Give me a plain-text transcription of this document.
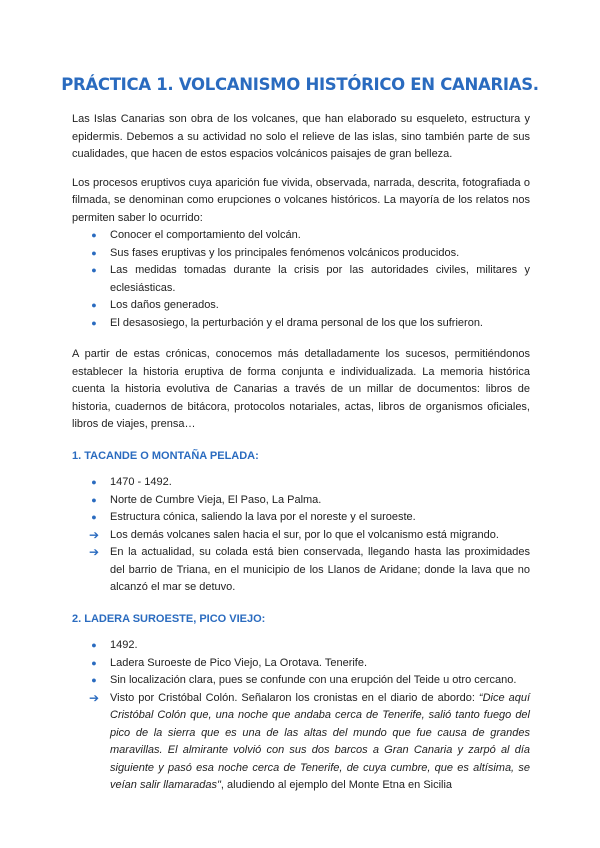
PRÁCTICA 1. VOLCANISMO HISTÓRICO EN CANARIAS.

Las Islas Canarias son obra de los volcanes, que han elaborado su esqueleto, estructura y epidermis. Debemos a su actividad no solo el relieve de las islas, sino también parte de sus cualidades, que hacen de estos espacios volcánicos paisajes de gran belleza.

Los procesos eruptivos cuya aparición fue vivida, observada, narrada, descrita, fotografiada o filmada, se denominan como erupciones o volcanes históricos. La mayoría de los relatos nos permiten saber lo ocurrido:

●	Conocer el comportamiento del volcán.
●	Sus fases eruptivas y los principales fenómenos volcánicos producidos.
●	Las medidas tomadas durante la crisis por las autoridades civiles, militares y eclesiásticas.
●	Los daños generados.
●	El desasosiego, la perturbación y el drama personal de los que los sufrieron.

A partir de estas crónicas, conocemos más detalladamente los sucesos, permitiéndonos establecer la historia eruptiva de forma conjunta e individualizada. La memoria histórica cuenta la historia evolutiva de Canarias a través de un millar de documentos: libros de historia, cuadernos de bitácora, protocolos notariales, actas, libros de organismos oficiales, libros de viajes, prensa…

1. TACANDE O MONTAÑA PELADA:
●	1470 - 1492.
●	Norte de Cumbre Vieja, El Paso, La Palma.
●	Estructura cónica, saliendo la lava por el noreste y el suroeste.
➔ Los demás volcanes salen hacia el sur, por lo que el volcanismo está migrando.
➔ En la actualidad, su colada está bien conservada, llegando hasta las proximidades del barrio de Triana, en el municipio de los Llanos de Aridane; donde la lava que no alcanzó el mar se detuvo.
2. LADERA SUROESTE, PICO VIEJO:
●	1492.
●	Ladera Suroeste de Pico Viejo, La Orotava. Tenerife.
●	Sin localización clara, pues se confunde con una erupción del Teide u otro cercano.
➔ Visto por Cristóbal Colón. Señalaron los cronistas en el diario de abordo: “Dice aquí Cristóbal Colón que, una noche que andaba cerca de Tenerife, salió tanto fuego del pico de la sierra que es una de las altas del mundo que fue causa de grandes maravillas. El almirante volvió con sus dos barcos a Gran Canaria y zarpó al día siguiente y pasó esa noche cerca de Tenerife, de cuya cumbre, que es altísima, se veían salir llamaradas", aludiendo al ejemplo del Monte Etna en Sicilia
